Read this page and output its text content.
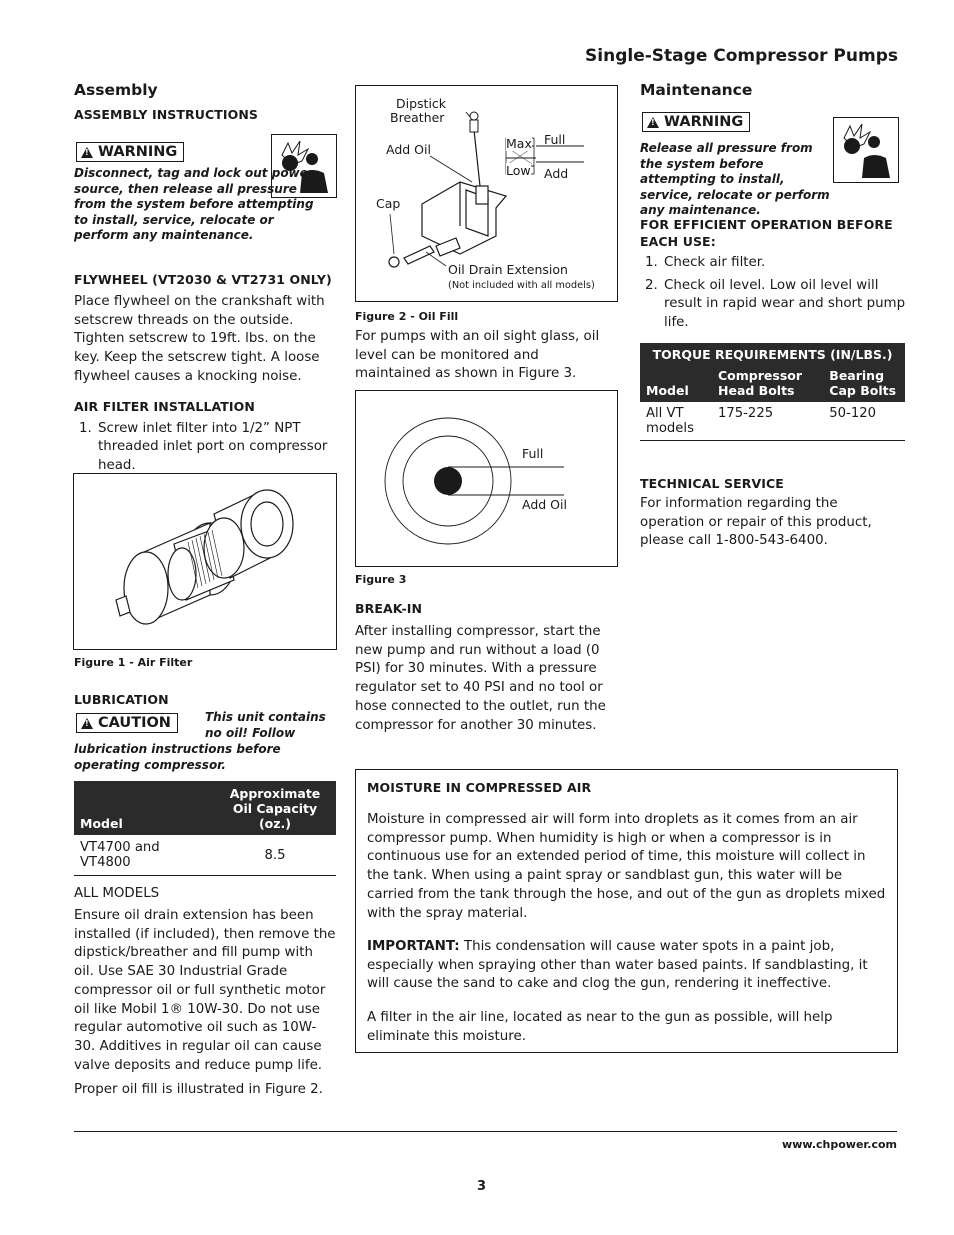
Single-Stage Compressor Pumps
Assembly
ASSEMBLY INSTRUCTIONS
!
WARNING

Disconnect, tag and lock out power source, then release all pressure from the system before attempting to install, service, relocate or perform any maintenance.

FLYWHEEL (VT2030 & VT2731 ONLY)

Place flywheel on the crankshaft with setscrew threads on the outside. Tighten setscrew to 19ft. lbs. on the key. Keep the setscrew tight. A loose flywheel causes a knocking noise.

AIR FILTER INSTALLATION
1. Screw inlet filter into 1/2” NPT threaded inlet port on compressor head.

Figure 1 - Air Filter

LUBRICATION
!
CAUTION	This unit contains

no oil! Follow

lubrication instructions before operating compressor.

Model	Approximate Oil Capacity (oz.)
VT4700 and VT4800	8.5

ALL MODELS

Ensure oil drain extension has been installed (if included), then remove the dipstick/breather and fill pump with oil. Use SAE 30 Industrial Grade compressor oil or full synthetic motor oil like Mobil 1® 10W-30. Do not use regular automotive oil such as 10W-30. Additives in regular oil can cause valve deposits and reduce pump life.

Proper oil fill is illustrated in Figure 2.

Dipstick
Breather
Add Oil	Max
Low
Full
Add
Cap
Oil Drain Extension
(Not included with all models)

Figure 2 - Oil Fill

For pumps with an oil sight glass, oil level can be monitored and maintained as shown in Figure 3.

Full
Add Oil

Figure 3

BREAK-IN

After installing compressor, start the new pump and run without a load (0 PSI) for 30 minutes. With a pressure regulator set to 40 PSI and no tool or hose connected to the outlet, run the compressor for another 30 minutes.

Maintenance
!
WARNING

Release all pressure from the system before attempting to install, service, relocate or perform any maintenance.

FOR EFFICIENT OPERATION BEFORE EACH USE:
1. Check air filter.
2. Check oil level. Low oil level will result in rapid wear and short pump life.
TORQUE REQUIREMENTS (IN/LBS.)		
Model	Compressor Head Bolts	Bearing Cap Bolts
All VT models	175-225	50-120
TECHNICAL SERVICE

For information regarding the operation or repair of this product, please call 1-800-543-6400.

MOISTURE IN COMPRESSED AIR

Moisture in compressed air will form into droplets as it comes from an air compressor pump. When humidity is high or when a compressor is in continuous use for an extended period of time, this moisture will collect in the tank. When using a paint spray or sandblast gun, this water will be carried from the tank through the hose, and out of the gun as droplets mixed with the spray material.

IMPORTANT: This condensation will cause water spots in a paint job, especially when spraying other than water based paints. If sandblasting, it will cause the sand to cake and clog the gun, rendering it ineffective.

A filter in the air line, located as near to the gun as possible, will help eliminate this moisture.

www.chpower.com
3
